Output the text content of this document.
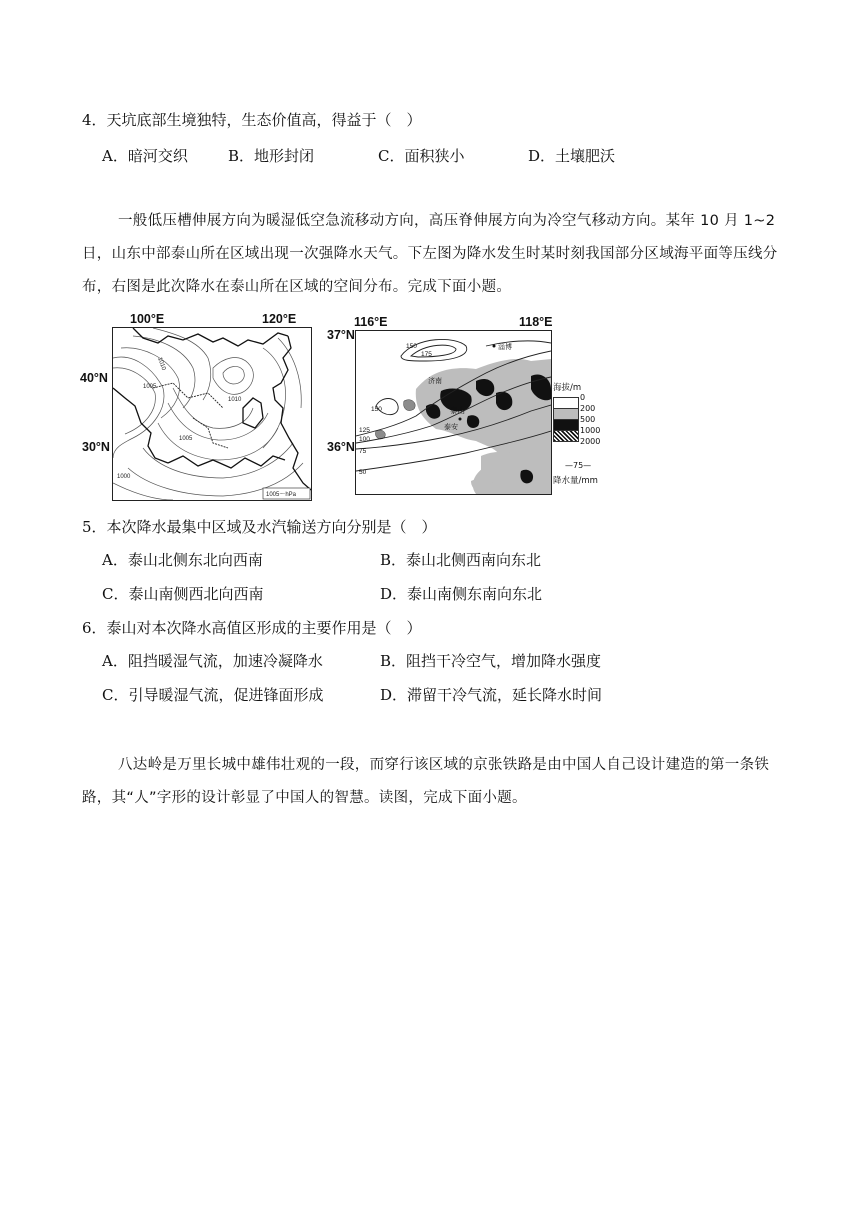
4．天坑底部生境独特，生态价值高，得益于（　）
A．暗河交织	B．地形封闭	C．面积狭小	D．土壤肥沃
一般低压槽伸展方向为暖湿低空急流移动方向，高压脊伸展方向为冷空气移动方向。某年 10 月 1~2 日，山东中部泰山所在区域出现一次强降水天气。下左图为降水发生时某时刻我国部分区域海平面等压线分布，右图是此次降水在泰山所在区域的空间分布。完成下面小题。
100°E	120°E
40°N
30°N
1005
1010
1010
1005
1000
1005～hPa
116°E	118°E
37°N
36°N
150
175
150
125
100
75
50
淄博
济南
泰山
泰安
海拔/m
0
200
500
1000
2000
—75—
降水量/mm
5．本次降水最集中区域及水汽输送方向分别是（　）
A．泰山北侧东北向西南	B．泰山北侧西南向东北
C．泰山南侧西北向西南	D．泰山南侧东南向东北
6．泰山对本次降水高值区形成的主要作用是（　）
A．阻挡暖湿气流，加速冷凝降水	B．阻挡干冷空气，增加降水强度
C．引导暖湿气流，促进锋面形成	D．滞留干冷气流，延长降水时间
八达岭是万里长城中雄伟壮观的一段，而穿行该区域的京张铁路是由中国人自己设计建造的第一条铁路，其“人”字形的设计彰显了中国人的智慧。读图，完成下面小题。
